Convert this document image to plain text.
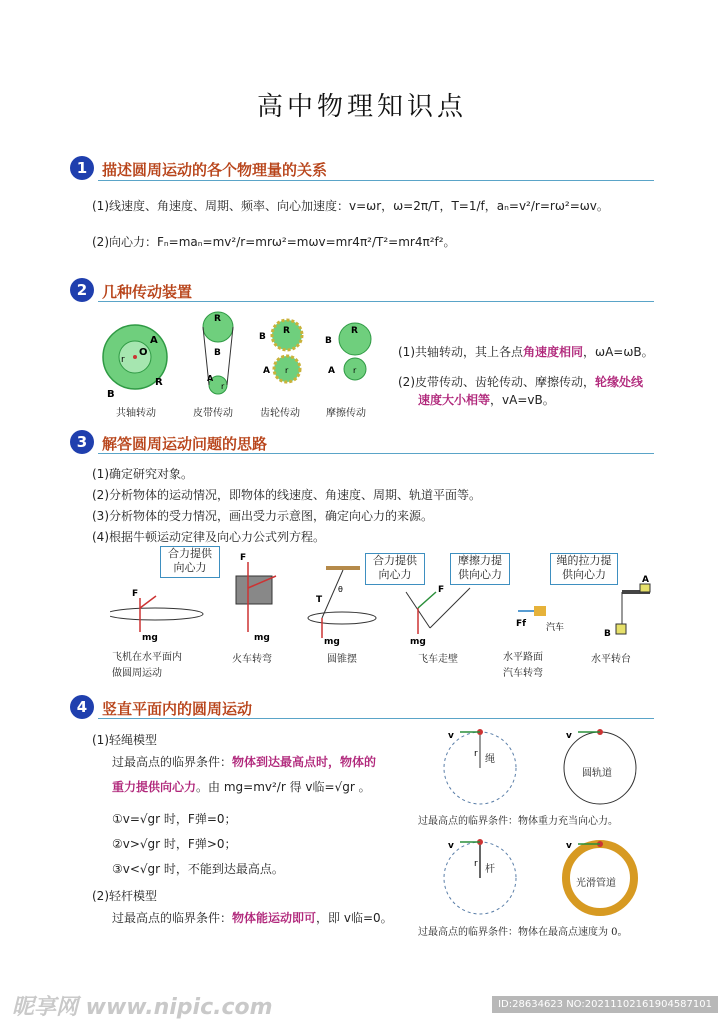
高中物理知识点
1 描述圆周运动的各个物理量的关系
(1)线速度、角速度、周期、频率、向心加速度：v=ωr，ω=2π/T，T=1/f，aₙ=v²/r=rω²=ωv。
(2)向心力：Fₙ=maₙ=mv²/r=mrω²=mωv=mr4π²/T²=mr4π²f²。
2 几种传动装置
B
A
R
O
r
R
B
A
r
B
R
A r
B
R
A r
共轴转动	皮带传动	齿轮传动	摩擦传动
(1)共轴转动，其上各点角速度相同，ωA=ωB。
(2)皮带传动、齿轮传动、摩擦传动，轮缘处线
速度大小相等，vA=vB。
3 解答圆周运动问题的思路
(1)确定研究对象。
(2)分析物体的运动情况，即物体的线速度、角速度、周期、轨道平面等。
(3)分析物体的受力情况，画出受力示意图，确定向心力的来源。
(4)根据牛顿运动定律及向心力公式列方程。
合力提供
向心力
合力提供
向心力
摩擦力提
供向心力
绳的拉力提
供向心力
F
mg
F
mg
T
θ
mg
F
mg
Ff 汽车
A
B
飞机在水平面内
做圆周运动
火车转弯	圆锥摆	飞车走壁	水平路面
汽车转弯
水平转台
4 竖直平面内的圆周运动
(1)轻绳模型
过最高点的临界条件：物体到达最高点时，物体的
重力提供向心力。由 mg=mv²/r 得 v临=√gr 。
①v=√gr 时，F弹=0；
②v>√gr 时，F弹>0；
③v<√gr 时，不能到达最高点。
(2)轻杆模型
过最高点的临界条件：物体能运动即可，即 v临=0。
v
r
v
v
r
v
绳
圆轨道
杆
光滑管道
过最高点的临界条件：物体重力充当向心力。
过最高点的临界条件：物体在最高点速度为 0。
昵享网 www.nipic.com	ID:28634623 NO:20211102161904587101
